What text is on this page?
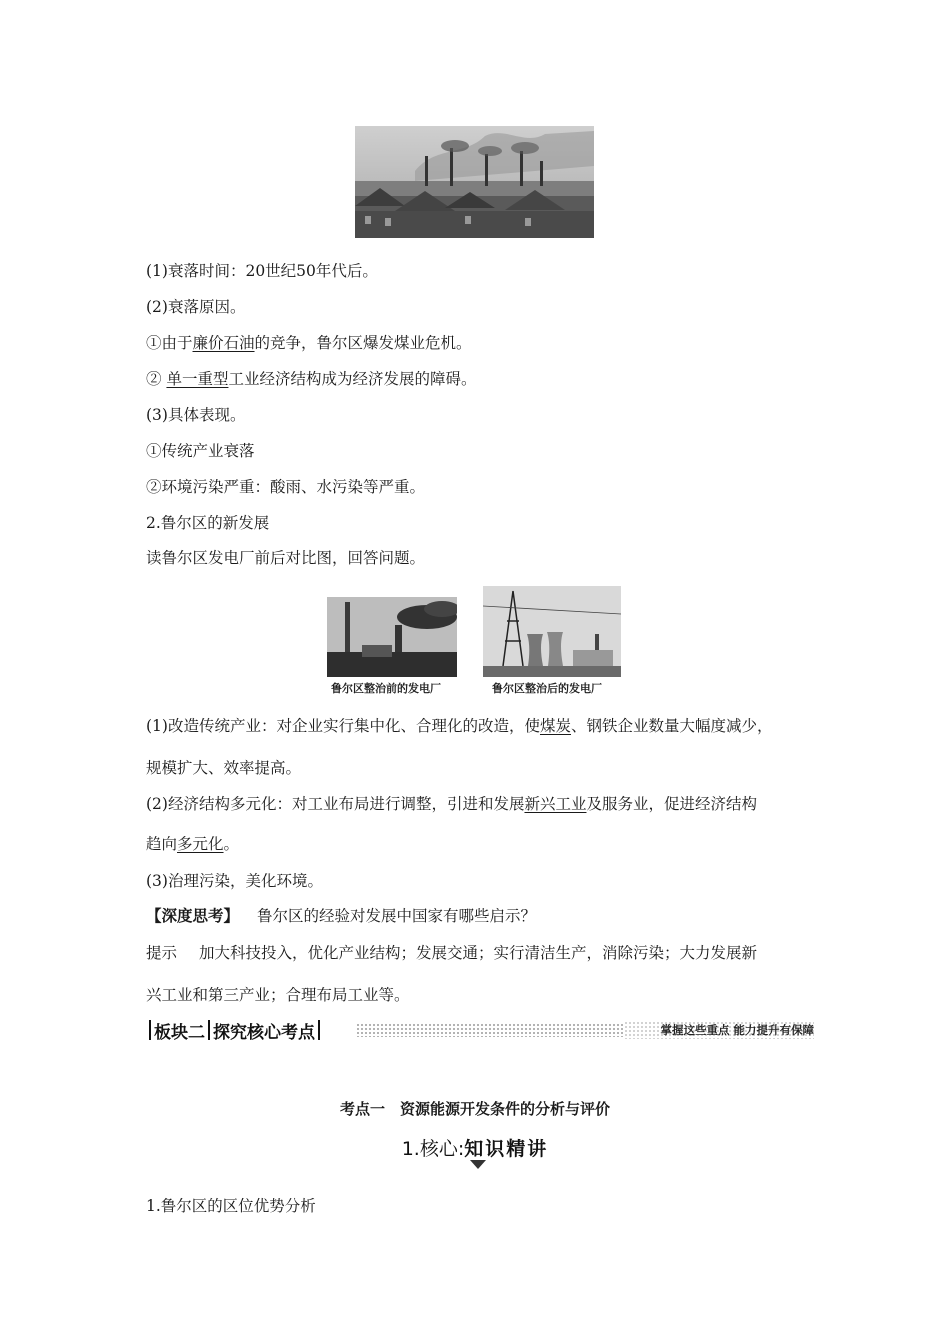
(1)衰落时间：20世纪50年代后。
(2)衰落原因。
①由于廉价石油的竞争，鲁尔区爆发煤业危机。
② 单一重型工业经济结构成为经济发展的障碍。
(3)具体表现。
①传统产业衰落
②环境污染严重：酸雨、水污染等严重。
2.鲁尔区的新发展
读鲁尔区发电厂前后对比图，回答问题。
鲁尔区整治前的发电厂	鲁尔区整治后的发电厂
(1)改造传统产业：对企业实行集中化、合理化的改造，使煤炭、钢铁企业数量大幅度减少，
规模扩大、效率提高。
(2)经济结构多元化：对工业布局进行调整，引进和发展新兴工业及服务业，促进经济结构
趋向多元化。
(3)治理污染，美化环境。
【深度思考】 鲁尔区的经验对发展中国家有哪些启示？
提示 加大科技投入，优化产业结构；发展交通；实行清洁生产，消除污染；大力发展新
兴工业和第三产业；合理布局工业等。
板块二 探究核心考点	掌握这些重点 能力提升有保障
考点一　资源能源开发条件的分析与评价
1.核心:知识精讲
1.鲁尔区的区位优势分析
